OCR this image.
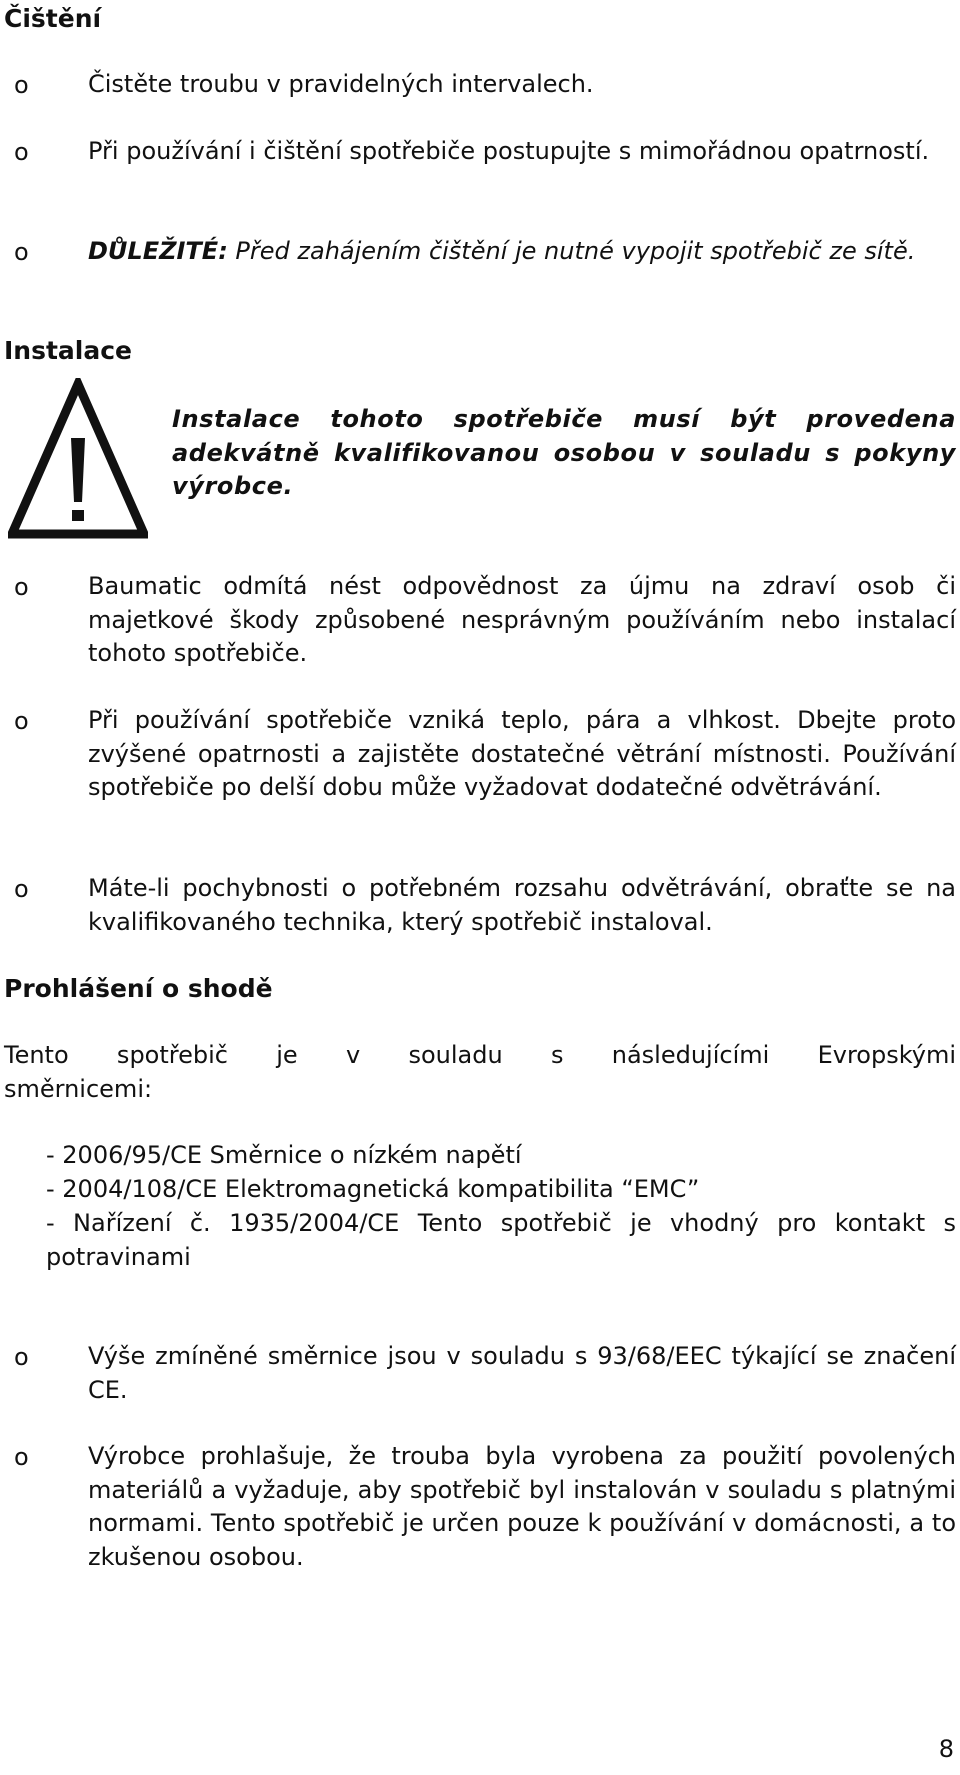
Čištění
o Čistěte troubu v pravidelných intervalech.
o Při používání i čištění spotřebiče postupujte s mimořádnou opatrností.
o DŮLEŽITÉ: Před zahájením čištění je nutné vypojit spotřebič ze sítě.
Instalace
Instalace tohoto spotřebiče musí být provedena adekvátně kvalifikovanou osobou v souladu s pokyny výrobce.
o Baumatic odmítá nést odpovědnost za újmu na zdraví osob či majetkové škody způsobené nesprávným používáním nebo instalací tohoto spotřebiče.
o Při používání spotřebiče vzniká teplo, pára a vlhkost. Dbejte proto zvýšené opatrnosti a zajistěte dostatečné větrání místnosti. Používání spotřebiče po delší dobu může vyžadovat dodatečné odvětrávání.
o Máte-li pochybnosti o potřebném rozsahu odvětrávání, obraťte se na kvalifikovaného technika, který spotřebič instaloval.
Prohlášení o shodě
Tento spotřebič je v souladu s následujícími Evropskými
směrnicemi:
- 2006/95/CE Směrnice o nízkém napětí
- 2004/108/CE Elektromagnetická kompatibilita “EMC”
- Nařízení č. 1935/2004/CE Tento spotřebič je vhodný pro kontakt s potravinami
o Výše zmíněné směrnice jsou v souladu s 93/68/EEC týkající se značení CE.
o Výrobce prohlašuje, že trouba byla vyrobena za použití povolených materiálů a vyžaduje, aby spotřebič byl instalován v souladu s platnými normami. Tento spotřebič je určen pouze k používání v domácnosti, a to zkušenou osobou.
8
